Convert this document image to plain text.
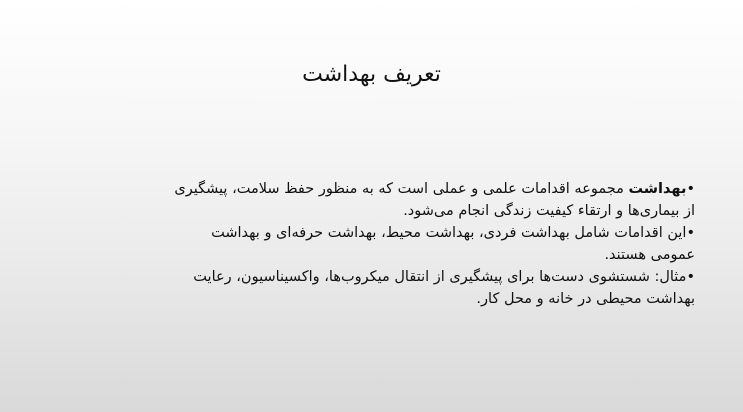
تعریف بهداشت

•بهداشت مجموعه اقدامات علمی و عملی است که به منظور حفظ سلامت، پیشگیری از بیماری‌ها و ارتقاء کیفیت زندگی انجام می‌شود.

•این اقدامات شامل بهداشت فردی، بهداشت محیط، بهداشت حرفه‌ای و بهداشت عمومی هستند.

•مثال: شستشوی دست‌ها برای پیشگیری از انتقال میکروب‌ها، واکسیناسیون، رعایت بهداشت محیطی در خانه و محل کار.
